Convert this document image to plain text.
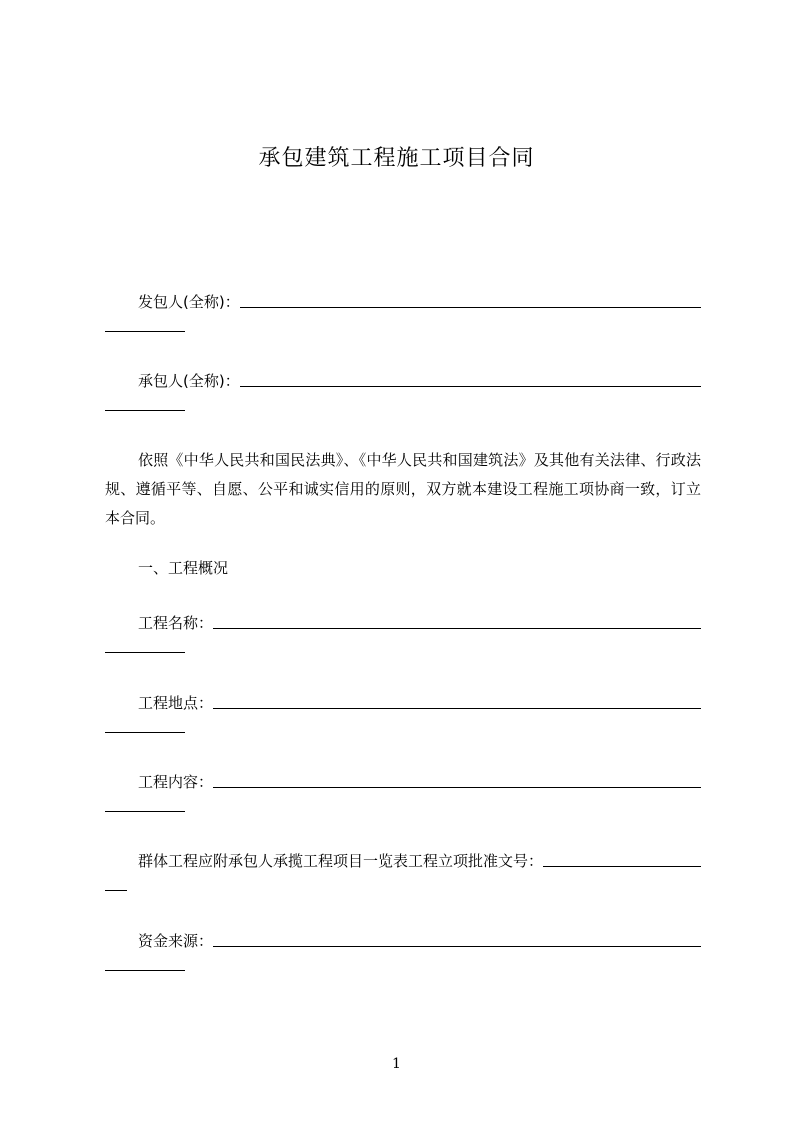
承包建筑工程施工项目合同
发包人(全称)：
承包人(全称)：
依照《中华人民共和国民法典》、《中华人民共和国建筑法》及其他有关法律、行政法规、遵循平等、自愿、公平和诚实信用的原则，双方就本建设工程施工项协商一致，订立本合同。
一、工程概况
工程名称：
工程地点：
工程内容：
群体工程应附承包人承揽工程项目一览表工程立项批准文号：
资金来源：
1
